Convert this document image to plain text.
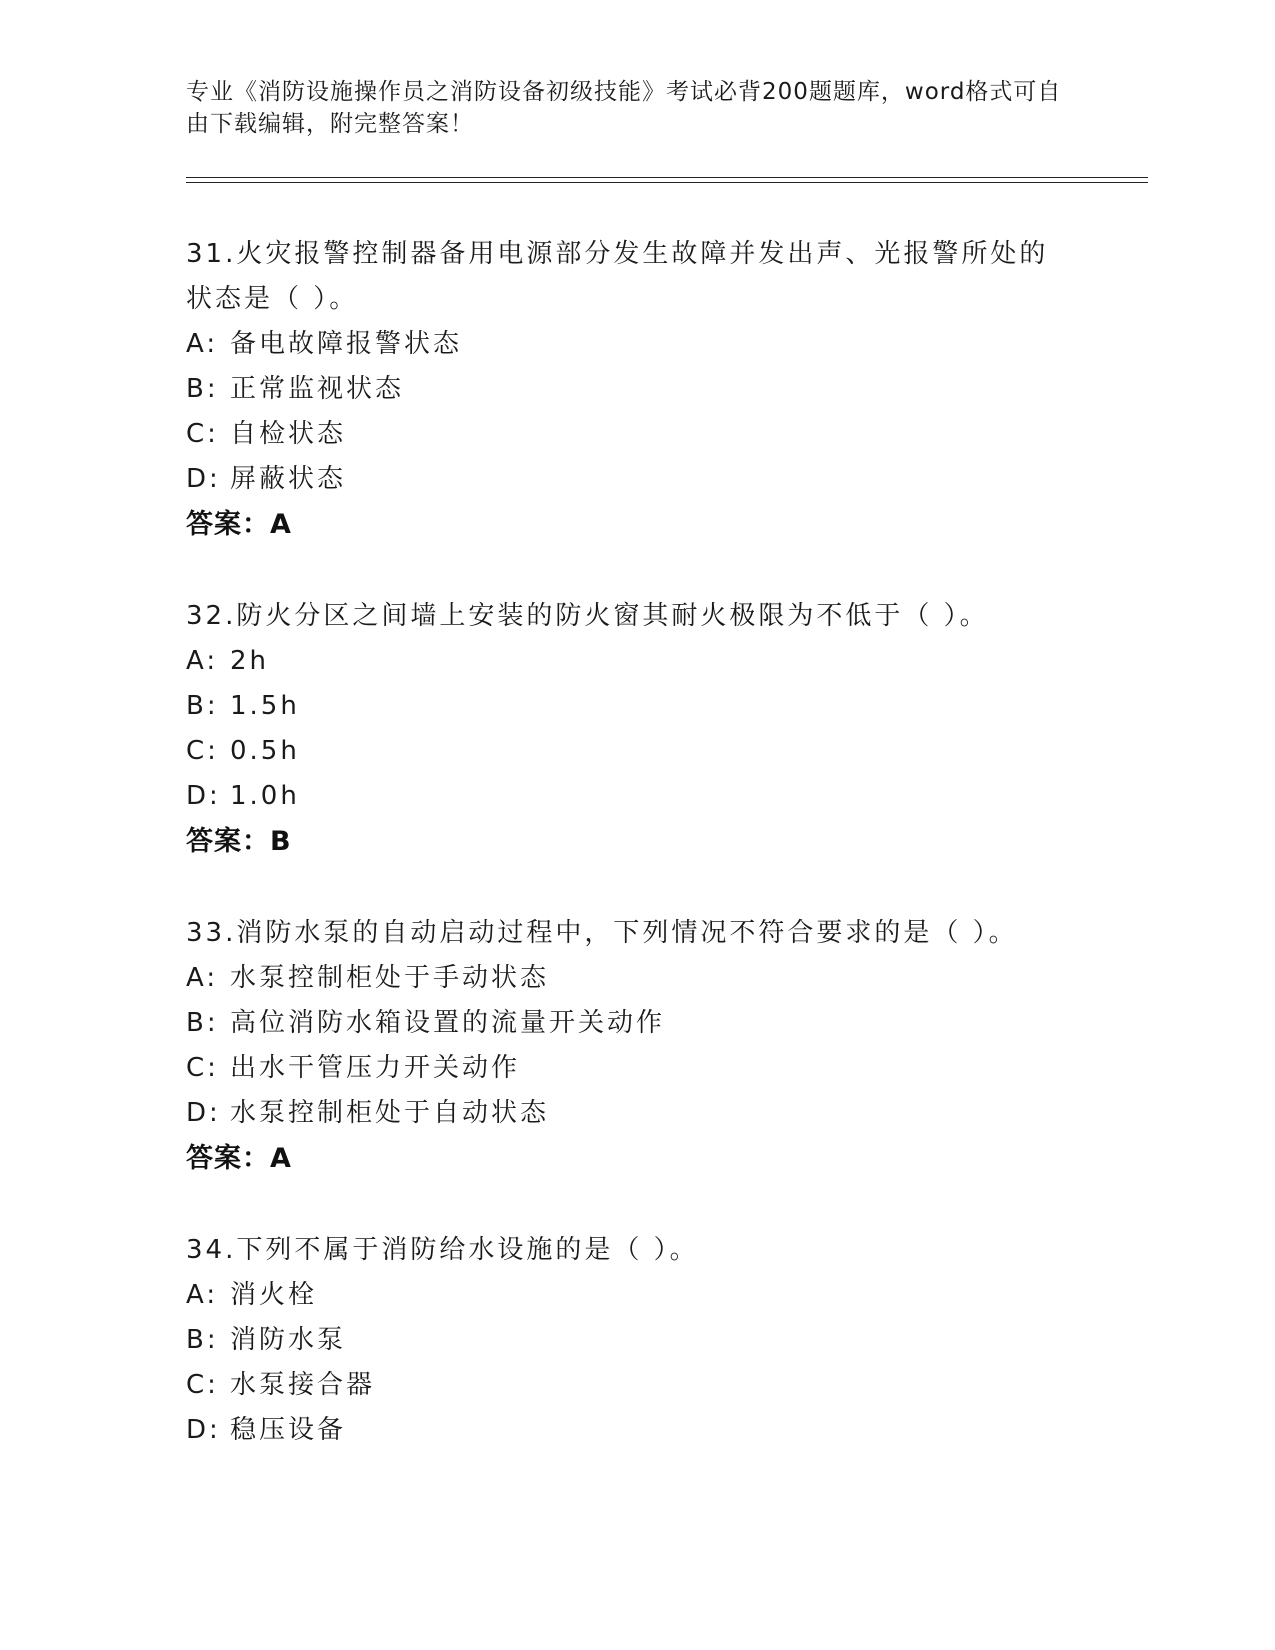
专业《消防设施操作员之消防设备初级技能》考试必背200题题库，word格式可自由下载编辑，附完整答案！
31.火灾报警控制器备用电源部分发生故障并发出声、光报警所处的状态是（ ）。
A: 备电故障报警状态
B: 正常监视状态
C: 自检状态
D: 屏蔽状态
答案：A
32.防火分区之间墙上安装的防火窗其耐火极限为不低于（ ）。
A: 2h
B: 1.5h
C: 0.5h
D: 1.0h
答案：B
33.消防水泵的自动启动过程中，下列情况不符合要求的是（ ）。
A: 水泵控制柜处于手动状态
B: 高位消防水箱设置的流量开关动作
C: 出水干管压力开关动作
D: 水泵控制柜处于自动状态
答案：A
34.下列不属于消防给水设施的是（ ）。
A: 消火栓
B: 消防水泵
C: 水泵接合器
D: 稳压设备
